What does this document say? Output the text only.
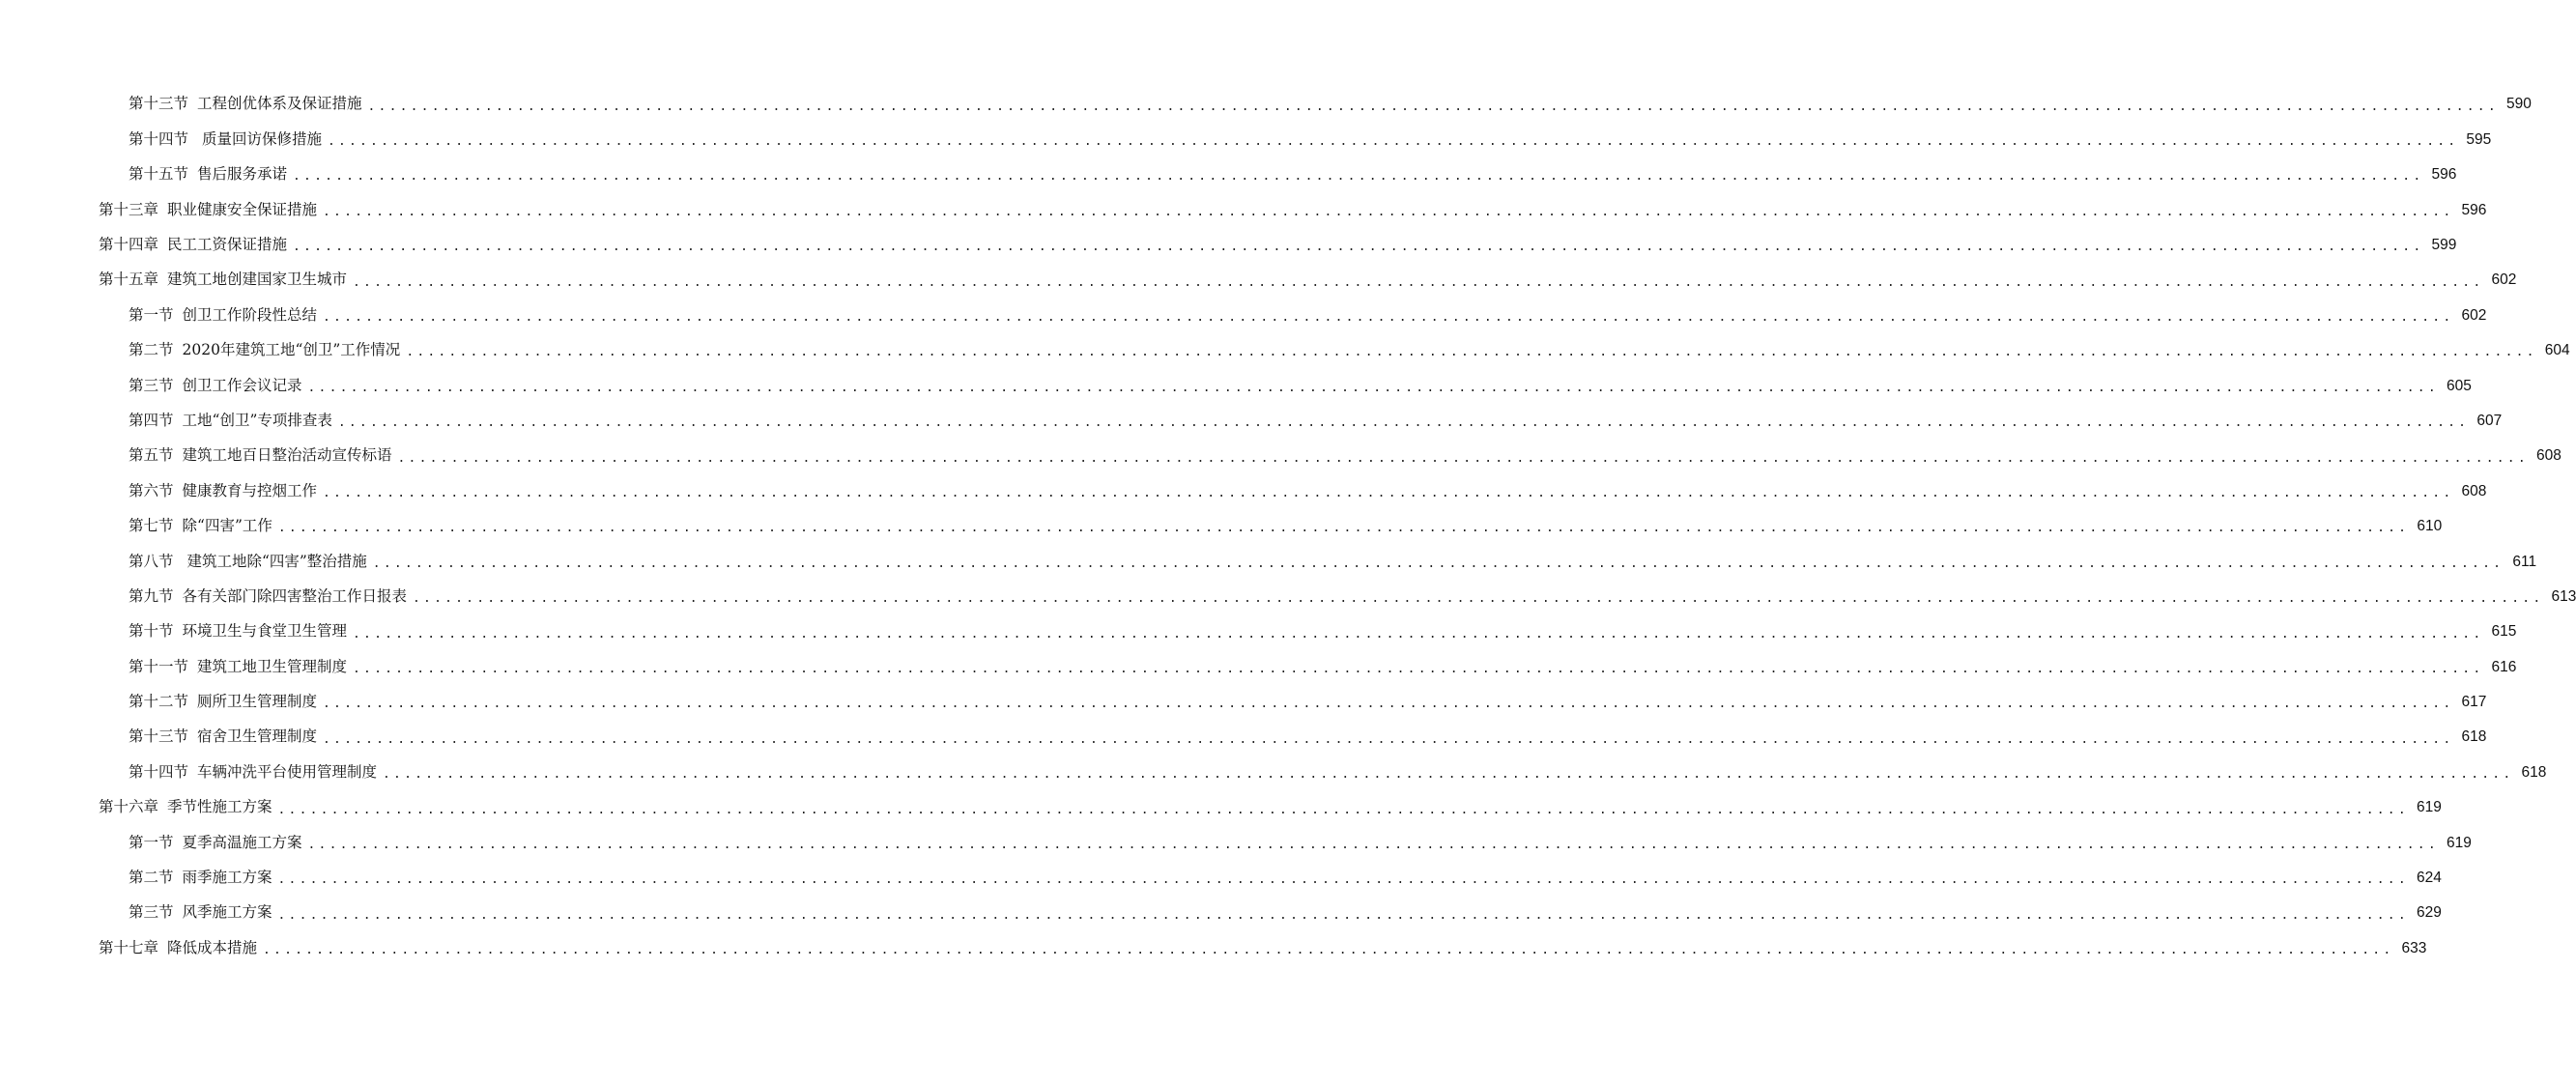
第十三节 工程创优体系及保证措施 ........................................................................................................................................................................................................ 590
第十四节 质量回访保修措施 ........................................................................................................................................................................................................ 595
第十五节 售后服务承诺 ........................................................................................................................................................................................................ 596
第十三章 职业健康安全保证措施 ........................................................................................................................................................................................................ 596
第十四章 民工工资保证措施 ........................................................................................................................................................................................................ 599
第十五章 建筑工地创建国家卫生城市 ........................................................................................................................................................................................................ 602
第一节 创卫工作阶段性总结 ........................................................................................................................................................................................................ 602
第二节 2020年建筑工地“创卫”工作情况 ........................................................................................................................................................................................................ 604
第三节 创卫工作会议记录 ........................................................................................................................................................................................................ 605
第四节 工地“创卫”专项排查表 ........................................................................................................................................................................................................ 607
第五节 建筑工地百日整治活动宣传标语 ........................................................................................................................................................................................................ 608
第六节 健康教育与控烟工作 ........................................................................................................................................................................................................ 608
第七节 除“四害”工作 ........................................................................................................................................................................................................ 610
第八节 建筑工地除“四害”整治措施 ........................................................................................................................................................................................................ 611
第九节 各有关部门除四害整治工作日报表 ........................................................................................................................................................................................................ 613
第十节 环境卫生与食堂卫生管理 ........................................................................................................................................................................................................ 615
第十一节 建筑工地卫生管理制度 ........................................................................................................................................................................................................ 616
第十二节 厕所卫生管理制度 ........................................................................................................................................................................................................ 617
第十三节 宿舍卫生管理制度 ........................................................................................................................................................................................................ 618
第十四节 车辆冲洗平台使用管理制度 ........................................................................................................................................................................................................ 618
第十六章 季节性施工方案 ........................................................................................................................................................................................................ 619
第一节 夏季高温施工方案 ........................................................................................................................................................................................................ 619
第二节 雨季施工方案 ........................................................................................................................................................................................................ 624
第三节 风季施工方案 ........................................................................................................................................................................................................ 629
第十七章 降低成本措施 ........................................................................................................................................................................................................ 633
